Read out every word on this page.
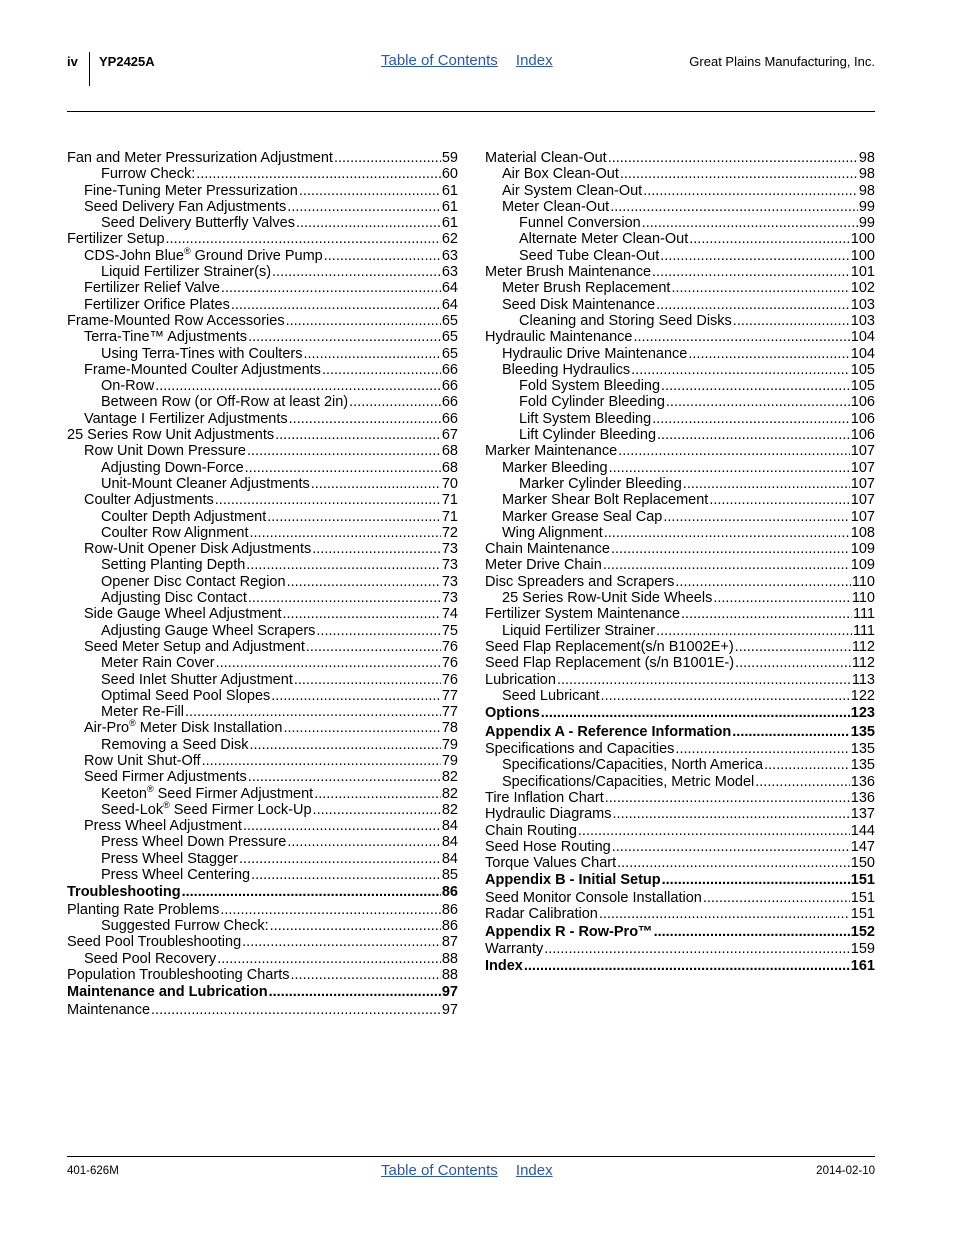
iv YP2425A	Table of Contents Index	Great Plains Manufacturing, Inc.
Fan and Meter Pressurization Adjustment .....	59
Furrow Check: .....	60
Fine-Tuning Meter Pressurization .....	61
Seed Delivery Fan Adjustments .....	61
Seed Delivery Butterfly Valves .....	61
Fertilizer Setup .....	62
CDS-John Blue® Ground Drive Pump .....	63
Liquid Fertilizer Strainer(s) .....	63
Fertilizer Relief Valve .....	64
Fertilizer Orifice Plates .....	64
Frame-Mounted Row Accessories .....	65
Terra-Tine™ Adjustments .....	65
Using Terra-Tines with Coulters .....	65
Frame-Mounted Coulter Adjustments .....	66
On-Row .....	66
Between Row (or Off-Row at least 2in) .....	66
Vantage I Fertilizer Adjustments .....	66
25 Series Row Unit Adjustments .....	67
Row Unit Down Pressure .....	68
Adjusting Down-Force .....	68
Unit-Mount Cleaner Adjustments .....	70
Coulter Adjustments .....	71
Coulter Depth Adjustment .....	71
Coulter Row Alignment .....	72
Row-Unit Opener Disk Adjustments .....	73
Setting Planting Depth .....	73
Opener Disc Contact Region .....	73
Adjusting Disc Contact .....	73
Side Gauge Wheel Adjustment .....	74
Adjusting Gauge Wheel Scrapers .....	75
Seed Meter Setup and Adjustment .....	76
Meter Rain Cover .....	76
Seed Inlet Shutter Adjustment .....	76
Optimal Seed Pool Slopes .....	77
Meter Re-Fill .....	77
Air-Pro® Meter Disk Installation .....	78
Removing a Seed Disk .....	79
Row Unit Shut-Off .....	79
Seed Firmer Adjustments .....	82
Keeton® Seed Firmer Adjustment .....	82
Seed-Lok® Seed Firmer Lock-Up .....	82
Press Wheel Adjustment .....	84
Press Wheel Down Pressure .....	84
Press Wheel Stagger .....	84
Press Wheel Centering .....	85
Troubleshooting .....	86
Planting Rate Problems .....	86
Suggested Furrow Check: .....	86
Seed Pool Troubleshooting .....	87
Seed Pool Recovery .....	88
Population Troubleshooting Charts .....	88
Maintenance and Lubrication .....	97
Maintenance .....	97
Material Clean-Out .....	98
Air Box Clean-Out .....	98
Air System Clean-Out .....	98
Meter Clean-Out .....	99
Funnel Conversion .....	99
Alternate Meter Clean-Out .....	100
Seed Tube Clean-Out .....	100
Meter Brush Maintenance .....	101
Meter Brush Replacement .....	102
Seed Disk Maintenance .....	103
Cleaning and Storing Seed Disks .....	103
Hydraulic Maintenance .....	104
Hydraulic Drive Maintenance .....	104
Bleeding Hydraulics .....	105
Fold System Bleeding .....	105
Fold Cylinder Bleeding .....	106
Lift System Bleeding .....	106
Lift Cylinder Bleeding .....	106
Marker Maintenance .....	107
Marker Bleeding .....	107
Marker Cylinder Bleeding .....	107
Marker Shear Bolt Replacement .....	107
Marker Grease Seal Cap .....	107
Wing Alignment .....	108
Chain Maintenance .....	109
Meter Drive Chain .....	109
Disc Spreaders and Scrapers .....	110
25 Series Row-Unit Side Wheels .....	110
Fertilizer System Maintenance .....	111
Liquid Fertilizer Strainer .....	111
Seed Flap Replacement(s/n B1002E+) .....	112
Seed Flap Replacement (s/n B1001E-) .....	112
Lubrication .....	113
Seed Lubricant .....	122
Options .....	123
Appendix A - Reference Information .....	135
Specifications and Capacities .....	135
Specifications/Capacities, North America .....	135
Specifications/Capacities, Metric Model .....	136
Tire Inflation Chart .....	136
Hydraulic Diagrams .....	137
Chain Routing .....	144
Seed Hose Routing .....	147
Torque Values Chart .....	150
Appendix B - Initial Setup .....	151
Seed Monitor Console Installation .....	151
Radar Calibration .....	151
Appendix R - Row-Pro™ .....	152
Warranty .....	159
Index .....	161
401-626M	Table of Contents Index	2014-02-10
